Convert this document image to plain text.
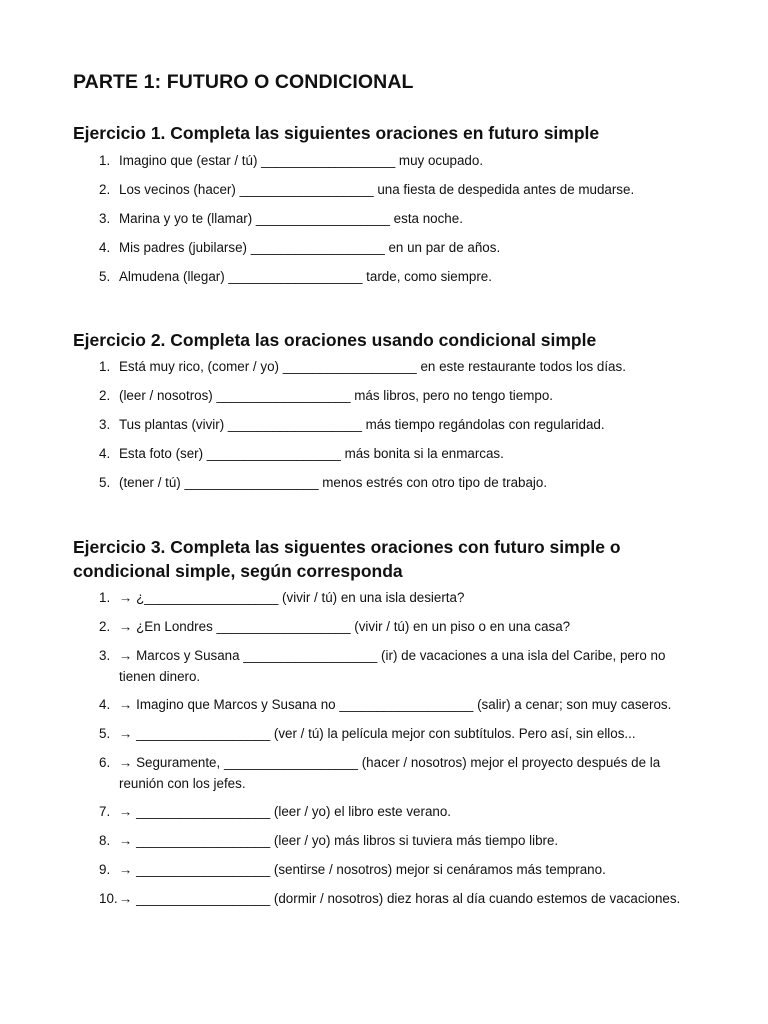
PARTE 1: FUTURO O CONDICIONAL
Ejercicio 1. Completa las siguientes oraciones en futuro simple
1. Imagino que (estar / tú) __________________ muy ocupado.
2. Los vecinos (hacer) __________________ una fiesta de despedida antes de mudarse.
3. Marina y yo te (llamar) __________________ esta noche.
4. Mis padres (jubilarse) __________________ en un par de años.
5. Almudena (llegar) __________________ tarde, como siempre.
Ejercicio 2. Completa las oraciones usando condicional simple
1. Está muy rico, (comer / yo) __________________ en este restaurante todos los días.
2. (leer / nosotros) __________________ más libros, pero no tengo tiempo.
3. Tus plantas (vivir) __________________ más tiempo regándolas con regularidad.
4. Esta foto (ser) __________________ más bonita si la enmarcas.
5. (tener / tú) __________________ menos estrés con otro tipo de trabajo.
Ejercicio 3. Completa las siguentes oraciones con futuro simple o condicional simple, según corresponda
1. → ¿__________________ (vivir / tú) en una isla desierta?
2. → ¿En Londres __________________ (vivir / tú) en un piso o en una casa?
3. → Marcos y Susana __________________ (ir) de vacaciones a una isla del Caribe, pero no tienen dinero.
4. → Imagino que Marcos y Susana no __________________ (salir) a cenar; son muy caseros.
5. → __________________ (ver / tú) la película mejor con subtítulos. Pero así, sin ellos...
6. → Seguramente, __________________ (hacer / nosotros) mejor el proyecto después de la reunión con los jefes.
7. → __________________ (leer / yo) el libro este verano.
8. → __________________ (leer / yo) más libros si tuviera más tiempo libre.
9. → __________________ (sentirse / nosotros) mejor si cenáramos más temprano.
10. → __________________ (dormir / nosotros) diez horas al día cuando estemos de vacaciones.
